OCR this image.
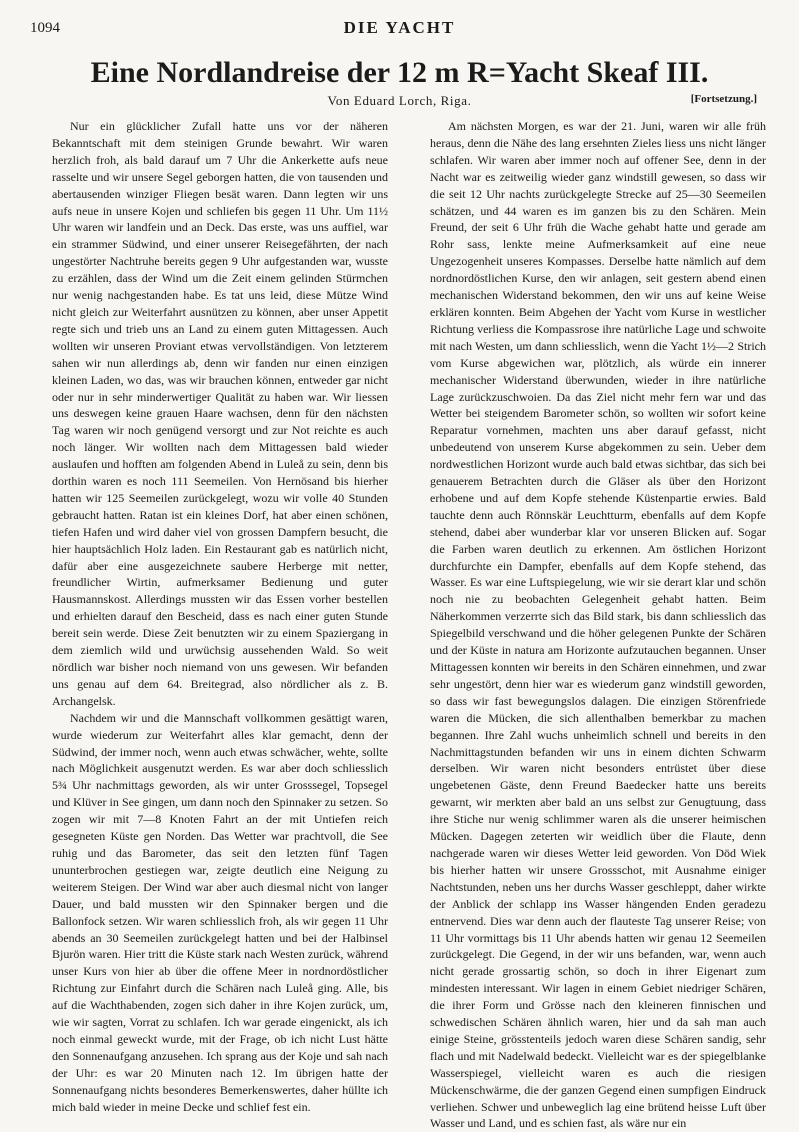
1094	DIE YACHT
Eine Nordlandreise der 12 m R=Yacht Skeaf III.
Von Eduard Lorch, Riga.	[Fortsetzung.]

Nur ein glücklicher Zufall hatte uns vor der näheren Bekanntschaft mit dem steinigen Grunde bewahrt. Wir waren herzlich froh, als bald darauf um 7 Uhr die Ankerkette aufs neue rasselte und wir unsere Segel geborgen hatten, die von tausenden und abertausenden winziger Fliegen besät waren. Dann legten wir uns aufs neue in unsere Kojen und schliefen bis gegen 11 Uhr. Um 11½ Uhr waren wir landfein und an Deck. Das erste, was uns auffiel, war ein strammer Südwind, und einer unserer Reisegefährten, der nach ungestörter Nachtruhe bereits gegen 9 Uhr aufgestanden war, wusste zu erzählen, dass der Wind um die Zeit einem gelinden Stürmchen nur wenig nachgestanden habe. Es tat uns leid, diese Mütze Wind nicht gleich zur Weiterfahrt ausnützen zu können, aber unser Appetit regte sich und trieb uns an Land zu einem guten Mittagessen. Auch wollten wir unseren Proviant etwas vervollständigen. Von letzterem sahen wir nun allerdings ab, denn wir fanden nur einen einzigen kleinen Laden, wo das, was wir brauchen können, entweder gar nicht oder nur in sehr minderwertiger Qualität zu haben war. Wir liessen uns deswegen keine grauen Haare wachsen, denn für den nächsten Tag waren wir noch genügend versorgt und zur Not reichte es auch noch länger. Wir wollten nach dem Mittagessen bald wieder auslaufen und hofften am folgenden Abend in Luleå zu sein, denn bis dorthin waren es noch 111 Seemeilen. Von Hernösand bis hierher hatten wir 125 Seemeilen zurückgelegt, wozu wir volle 40 Stunden gebraucht hatten. Ratan ist ein kleines Dorf, hat aber einen schönen, tiefen Hafen und wird daher viel von grossen Dampfern besucht, die hier hauptsächlich Holz laden. Ein Restaurant gab es natürlich nicht, dafür aber eine ausgezeichnete saubere Herberge mit netter, freundlicher Wirtin, aufmerksamer Bedienung und guter Hausmannskost. Allerdings mussten wir das Essen vorher bestellen und erhielten darauf den Bescheid, dass es nach einer guten Stunde bereit sein werde. Diese Zeit benutzten wir zu einem Spaziergang in dem ziemlich wild und urwüchsig aussehenden Wald. So weit nördlich war bisher noch niemand von uns gewesen. Wir befanden uns genau auf dem 64. Breitegrad, also nördlicher als z. B. Archangelsk.

Nachdem wir und die Mannschaft vollkommen gesättigt waren, wurde wiederum zur Weiterfahrt alles klar gemacht, denn der Südwind, der immer noch, wenn auch etwas schwächer, wehte, sollte nach Möglichkeit ausgenutzt werden. Es war aber doch schliesslich 5¾ Uhr nachmittags geworden, als wir unter Grosssegel, Topsegel und Klüver in See gingen, um dann noch den Spinnaker zu setzen. So zogen wir mit 7—8 Knoten Fahrt an der mit Untiefen reich gesegneten Küste gen Norden. Das Wetter war prachtvoll, die See ruhig und das Barometer, das seit den letzten fünf Tagen ununterbrochen gestiegen war, zeigte deutlich eine Neigung zu weiterem Steigen. Der Wind war aber auch diesmal nicht von langer Dauer, und bald mussten wir den Spinnaker bergen und die Ballonfock setzen. Wir waren schliesslich froh, als wir gegen 11 Uhr abends an 30 Seemeilen zurückgelegt hatten und bei der Halbinsel Bjurön waren. Hier tritt die Küste stark nach Westen zurück, während unser Kurs von hier ab über die offene Meer in nordnordöstlicher Richtung zur Einfahrt durch die Schären nach Luleå ging. Alle, bis auf die Wachthabenden, zogen sich daher in ihre Kojen zurück, um, wie wir sagten, Vorrat zu schlafen. Ich war gerade eingenickt, als ich noch einmal geweckt wurde, mit der Frage, ob ich nicht Lust hätte den Sonnenaufgang anzusehen. Ich sprang aus der Koje und sah nach der Uhr: es war 20 Minuten nach 12. Im übrigen hatte der Sonnenaufgang nichts besonderes Bemerkenswertes, daher hüllte ich mich bald wieder in meine Decke und schlief fest ein.

Am nächsten Morgen, es war der 21. Juni, waren wir alle früh heraus, denn die Nähe des lang ersehnten Zieles liess uns nicht länger schlafen. Wir waren aber immer noch auf offener See, denn in der Nacht war es zeitweilig wieder ganz windstill gewesen, so dass wir die seit 12 Uhr nachts zurückgelegte Strecke auf 25—30 Seemeilen schätzen, und 44 waren es im ganzen bis zu den Schären. Mein Freund, der seit 6 Uhr früh die Wache gehabt hatte und gerade am Rohr sass, lenkte meine Aufmerksamkeit auf eine neue Ungezogenheit unseres Kompasses. Derselbe hatte nämlich auf dem nordnordöstlichen Kurse, den wir anlagen, seit gestern abend einen mechanischen Widerstand bekommen, den wir uns auf keine Weise erklären konnten. Beim Abgehen der Yacht vom Kurse in westlicher Richtung verliess die Kompassrose ihre natürliche Lage und schwoite mit nach Westen, um dann schliesslich, wenn die Yacht 1½—2 Strich vom Kurse abgewichen war, plötzlich, als würde ein innerer mechanischer Widerstand überwunden, wieder in ihre natürliche Lage zurückzuschwoien. Da das Ziel nicht mehr fern war und das Wetter bei steigendem Barometer schön, so wollten wir sofort keine Reparatur vornehmen, machten uns aber darauf gefasst, nicht unbedeutend von unserem Kurse abgekommen zu sein. Ueber dem nordwestlichen Horizont wurde auch bald etwas sichtbar, das sich bei genauerem Betrachten durch die Gläser als über den Horizont erhobene und auf dem Kopfe stehende Küstenpartie erwies. Bald tauchte denn auch Rönnskär Leuchtturm, ebenfalls auf dem Kopfe stehend, dabei aber wunderbar klar vor unseren Blicken auf. Sogar die Farben waren deutlich zu erkennen. Am östlichen Horizont durchfurchte ein Dampfer, ebenfalls auf dem Kopfe stehend, das Wasser. Es war eine Luftspiegelung, wie wir sie derart klar und schön noch nie zu beobachten Gelegenheit gehabt hatten. Beim Näherkommen verzerrte sich das Bild stark, bis dann schliesslich das Spiegelbild verschwand und die höher gelegenen Punkte der Schären und der Küste in natura am Horizonte aufzutauchen begannen. Unser Mittagessen konnten wir bereits in den Schären einnehmen, und zwar sehr ungestört, denn hier war es wiederum ganz windstill geworden, so dass wir fast bewegungslos dalagen. Die einzigen Störenfriede waren die Mücken, die sich allenthalben bemerkbar zu machen begannen. Ihre Zahl wuchs unheimlich schnell und bereits in den Nachmittagstunden befanden wir uns in einem dichten Schwarm derselben. Wir waren nicht besonders entrüstet über diese ungebetenen Gäste, denn Freund Baedecker hatte uns bereits gewarnt, wir merkten aber bald an uns selbst zur Genugtuung, dass ihre Stiche nur wenig schlimmer waren als die unserer heimischen Mücken. Dagegen zeterten wir weidlich über die Flaute, denn nachgerade waren wir dieses Wetter leid geworden. Von Död Wiek bis hierher hatten wir unsere Grossschot, mit Ausnahme einiger Nachtstunden, neben uns her durchs Wasser geschleppt, daher wirkte der Anblick der schlapp ins Wasser hängenden Enden geradezu entnervend. Dies war denn auch der flauteste Tag unserer Reise; von 11 Uhr vormittags bis 11 Uhr abends hatten wir genau 12 Seemeilen zurückgelegt. Die Gegend, in der wir uns befanden, war, wenn auch nicht gerade grossartig schön, so doch in ihrer Eigenart zum mindesten interessant. Wir lagen in einem Gebiet niedriger Schären, die ihrer Form und Grösse nach den kleineren finnischen und schwedischen Schären ähnlich waren, hier und da sah man auch einige Steine, grösstenteils jedoch waren diese Schären sandig, sehr flach und mit Nadelwald bedeckt. Vielleicht war es der spiegelblanke Wasserspiegel, vielleicht waren es auch die riesigen Mückenschwärme, die der ganzen Gegend einen sumpfigen Eindruck verliehen. Schwer und unbeweglich lag eine brütend heisse Luft über Wasser und Land, und es schien fast, als wäre nur ein
